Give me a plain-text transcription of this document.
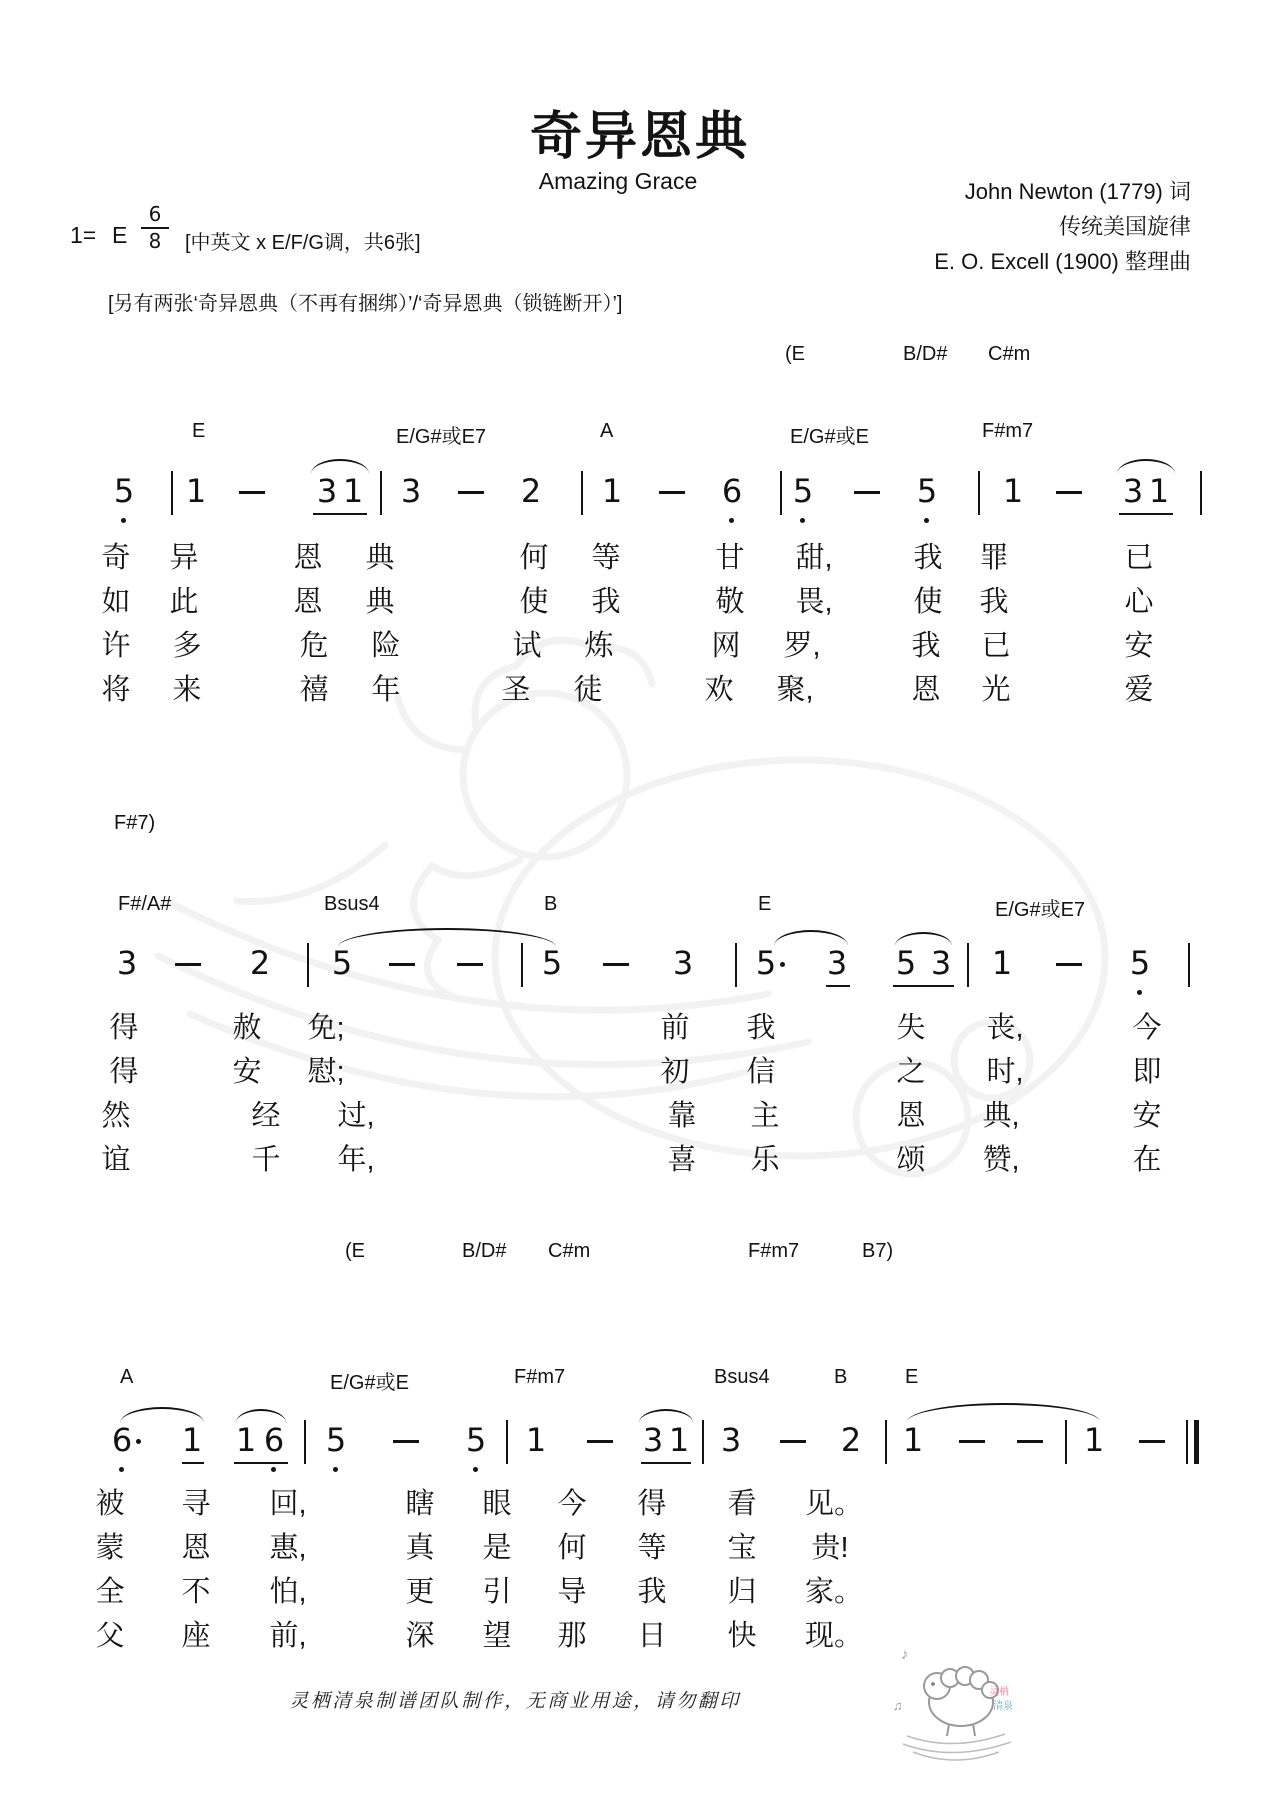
奇异恩典
Amazing Grace	John Newton (1779) 词
传统美国旋律
E. O. Excell (1900) 整理曲
1= E $\frac{6}{8}$ [中英文 x E/F/G调，共6张]
[另有两张‘奇异恩典（不再有捆绑）’/‘奇异恩典（锁链断开）’]
(E	B/D# C#m
E	E/G#或E7	A	E/G#或E	F#m7
5 1	3 1 3	2 1	6 5	5 1	3 1
奇 异	恩 典	何 等	甘 甜,	我 罪	已
如 此	恩 典	使 我	敬 畏,	使 我	心
许 多	危 险	试 炼	网 罗,	我 已	安
将 来	禧 年	圣 徒	欢 聚,	恩 光	爱
F#7)
F#/A#	Bsus4	B	E	E/G#或E7
3	2 5	5	3 5 3 5 3 1	5
得	赦 免;	前 我	失 丧,	今
得	安 慰;	初 信	之 时,	即
然	经 过,	靠 主	恩 典,	安
谊	千 年,	喜 乐	颂 赞,	在
(E	B/D# C#m	F#m7	B7)
A	E/G#或E	F#m7	Bsus4	B	E
6 1 1 6 5	5 1	3 1 3	2 1	1
被 寻 回,	瞎 眼 今 得 看 见。
蒙 恩 惠,	真 是 何 等 宝 贵!
全 不 怕,	更 引 导 我 归 家。
父 座 前,	深 望 那 日 快 现。
灵栖清泉制谱团队制作，无商业用途，请勿翻印
♪
♫
灵栖
清泉
